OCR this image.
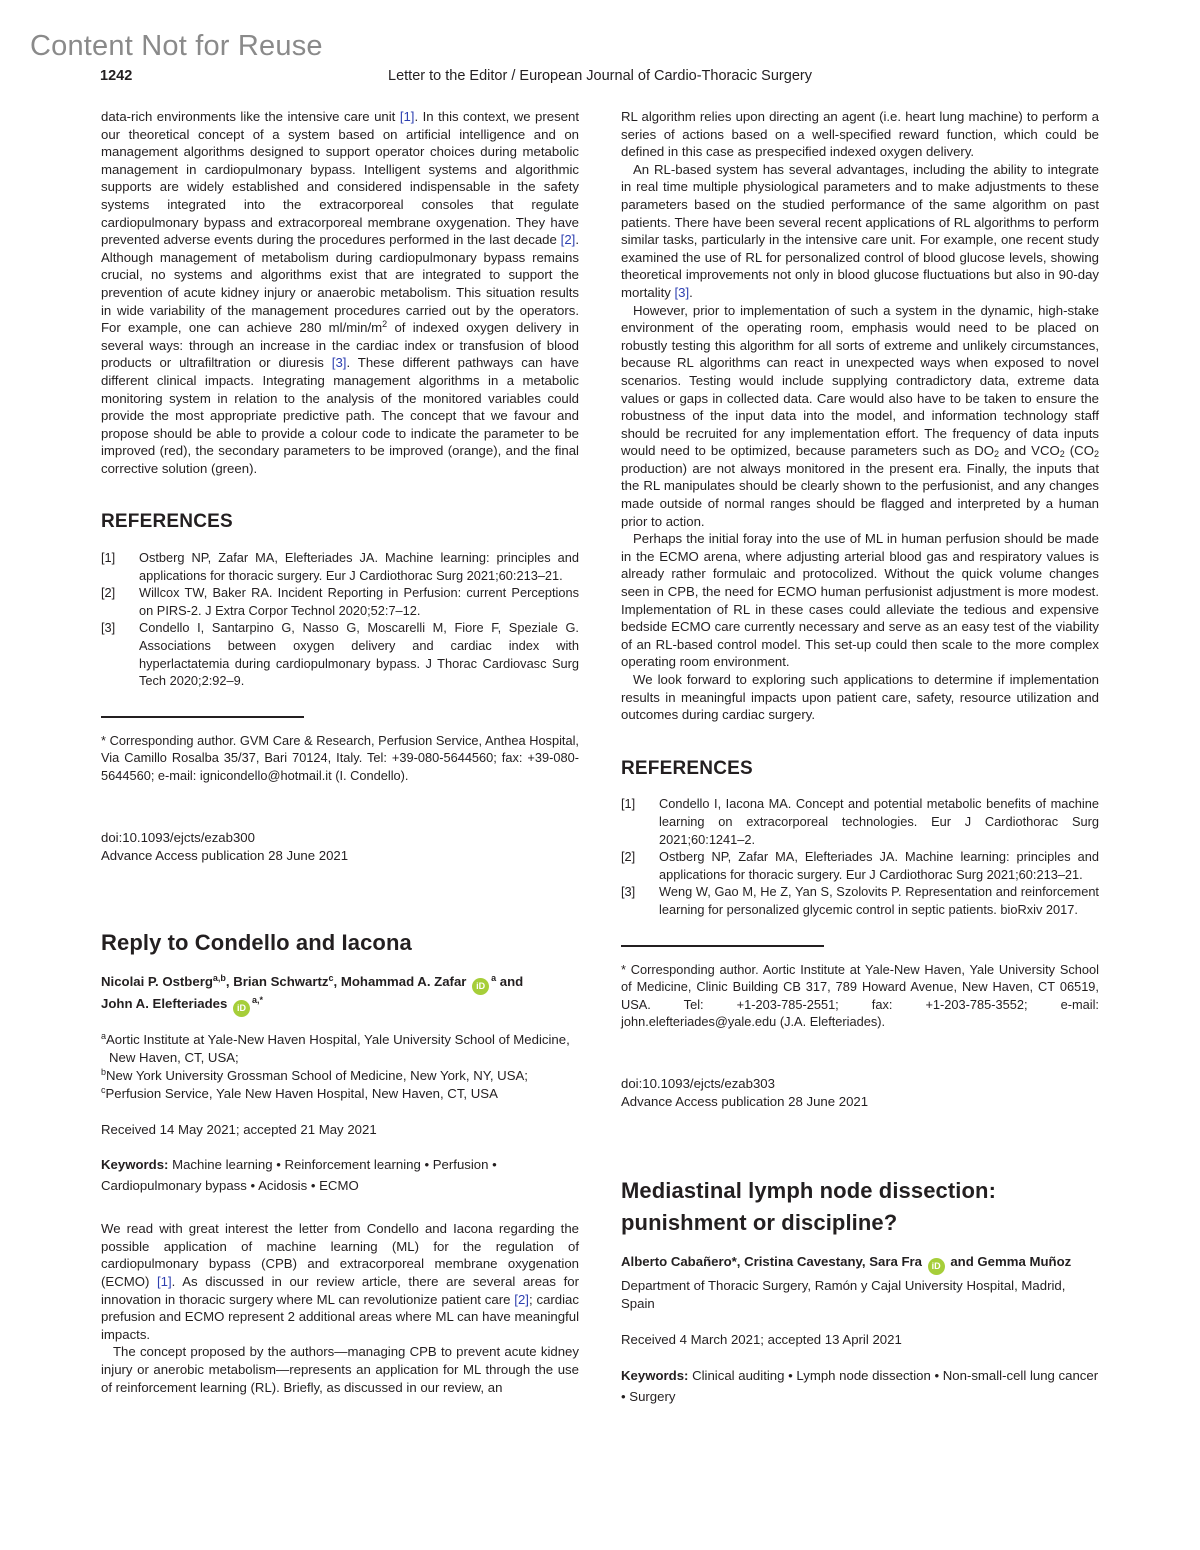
Content Not for Reuse
1242	Letter to the Editor / European Journal of Cardio-Thoracic Surgery

data-rich environments like the intensive care unit [1]. In this context, we present our theoretical concept of a system based on artificial intelligence and on management algorithms designed to support operator choices during metabolic management in cardiopulmonary bypass. Intelligent systems and algorithmic supports are widely established and considered indispensable in the safety systems integrated into the extracorporeal consoles that regulate cardiopulmonary bypass and extracorporeal membrane oxygenation. They have prevented adverse events during the procedures performed in the last decade [2]. Although management of metabolism during cardiopulmonary bypass remains crucial, no systems and algorithms exist that are integrated to support the prevention of acute kidney injury or anaerobic metabolism. This situation results in wide variability of the management procedures carried out by the operators. For example, one can achieve 280 $ml/\min/m^2$ of indexed oxygen delivery in several ways: through an increase in the cardiac index or transfusion of blood products or ultrafiltration or diuresis [3]. These different pathways can have different clinical impacts. Integrating management algorithms in a metabolic monitoring system in relation to the analysis of the monitored variables could provide the most appropriate predictive path. The concept that we favour and propose should be able to provide a colour code to indicate the parameter to be improved (red), the secondary parameters to be improved (orange), and the final corrective solution (green).

REFERENCES
[1]	Ostberg NP, Zafar MA, Elefteriades JA. Machine learning: principles and applications for thoracic surgery. Eur J Cardiothorac Surg 2021;60:213–21.
[2]	Willcox TW, Baker RA. Incident Reporting in Perfusion: current Perceptions on PIRS-2. J Extra Corpor Technol 2020;52:7–12.
[3]	Condello I, Santarpino G, Nasso G, Moscarelli M, Fiore F, Speziale G. Associations between oxygen delivery and cardiac index with hyperlactatemia during cardiopulmonary bypass. J Thorac Cardiovasc Surg Tech 2020;2:92–9.

* Corresponding author. GVM Care & Research, Perfusion Service, Anthea Hospital, Via Camillo Rosalba 35/37, Bari 70124, Italy. Tel: +39-080-5644560; fax: +39-080-5644560; e-mail: ignicondello@hotmail.it (I. Condello).

doi:10.1093/ejcts/ezab300
Advance Access publication 28 June 2021
Reply to Condello and Iacona
Nicolai P. Ostberg$^{a,b}$, Brian Schwartz$^c$, Mohammad A. Zafar $iD^a$ and
John A. Elefteriades $iD^{a,*}$
$^a$Aortic Institute at Yale-New Haven Hospital, Yale University School of Medicine, New Haven, CT, USA;
$^b$New York University Grossman School of Medicine, New York, NY, USA;
$^c$Perfusion Service, Yale New Haven Hospital, New Haven, CT, USA

Received 14 May 2021; accepted 21 May 2021

Keywords: Machine learning • Reinforcement learning • Perfusion • Cardiopulmonary bypass • Acidosis • ECMO

We read with great interest the letter from Condello and Iacona regarding the possible application of machine learning (ML) for the regulation of cardiopulmonary bypass (CPB) and extracorporeal membrane oxygenation (ECMO) [1]. As discussed in our review article, there are several areas for innovation in thoracic surgery where ML can revolutionize patient care [2]; cardiac prefusion and ECMO represent 2 additional areas where ML can have meaningful impacts.

The concept proposed by the authors—managing CPB to prevent acute kidney injury or anerobic metabolism—represents an application for ML through the use of reinforcement learning (RL). Briefly, as discussed in our review, an

RL algorithm relies upon directing an agent (i.e. heart lung machine) to perform a series of actions based on a well-specified reward function, which could be defined in this case as prespecified indexed oxygen delivery.

An RL-based system has several advantages, including the ability to integrate in real time multiple physiological parameters and to make adjustments to these parameters based on the studied performance of the same algorithm on past patients. There have been several recent applications of RL algorithms to perform similar tasks, particularly in the intensive care unit. For example, one recent study examined the use of RL for personalized control of blood glucose levels, showing theoretical improvements not only in blood glucose fluctuations but also in 90-day mortality [3].

However, prior to implementation of such a system in the dynamic, high-stake environment of the operating room, emphasis would need to be placed on robustly testing this algorithm for all sorts of extreme and unlikely circumstances, because RL algorithms can react in unexpected ways when exposed to novel scenarios. Testing would include supplying contradictory data, extreme data values or gaps in collected data. Care would also have to be taken to ensure the robustness of the input data into the model, and information technology staff should be recruited for any implementation effort. The frequency of data inputs would need to be optimized, because parameters such as $DO_2$ and $VCO_2$ ($CO_2$ production) are not always monitored in the present era. Finally, the inputs that the RL manipulates should be clearly shown to the perfusionist, and any changes made outside of normal ranges should be flagged and interpreted by a human prior to action.

Perhaps the initial foray into the use of ML in human perfusion should be made in the ECMO arena, where adjusting arterial blood gas and respiratory values is already rather formulaic and protocolized. Without the quick volume changes seen in CPB, the need for ECMO human perfusionist adjustment is more modest. Implementation of RL in these cases could alleviate the tedious and expensive bedside ECMO care currently necessary and serve as an easy test of the viability of an RL-based control model. This set-up could then scale to the more complex operating room environment.

We look forward to exploring such applications to determine if implementation results in meaningful impacts upon patient care, safety, resource utilization and outcomes during cardiac surgery.

REFERENCES
[1]	Condello I, Iacona MA. Concept and potential metabolic benefits of machine learning on extracorporeal technologies. Eur J Cardiothorac Surg 2021;60:1241–2.
[2]	Ostberg NP, Zafar MA, Elefteriades JA. Machine learning: principles and applications for thoracic surgery. Eur J Cardiothorac Surg 2021;60:213–21.
[3]	Weng W, Gao M, He Z, Yan S, Szolovits P. Representation and reinforcement learning for personalized glycemic control in septic patients. bioRxiv 2017.

* Corresponding author. Aortic Institute at Yale-New Haven, Yale University School of Medicine, Clinic Building CB 317, 789 Howard Avenue, New Haven, CT 06519, USA. Tel: +1-203-785-2551; fax: +1-203-785-3552; e-mail: john.elefteriades@yale.edu (J.A. Elefteriades).

doi:10.1093/ejcts/ezab303
Advance Access publication 28 June 2021
Mediastinal lymph node dissection:
punishment or discipline?
Alberto Cabañero*, Cristina Cavestany, Sara Fra iD and Gemma Muñoz
Department of Thoracic Surgery, Ramón y Cajal University Hospital, Madrid, Spain

Received 4 March 2021; accepted 13 April 2021

Keywords: Clinical auditing • Lymph node dissection • Non-small-cell lung cancer • Surgery
